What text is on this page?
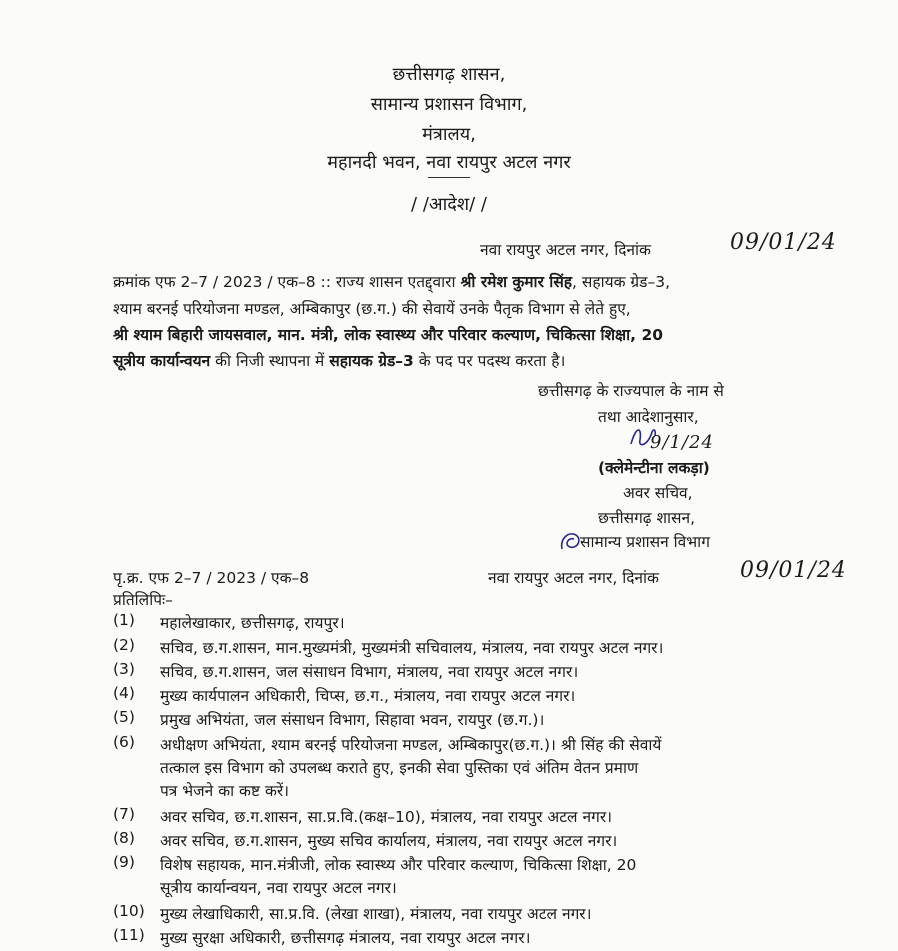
छत्तीसगढ़ शासन,
सामान्य प्रशासन विभाग,
मंत्रालय,
महानदी भवन, नवा रायपुर अटल नगर
/ /आदेश/ /
नवा रायपुर अटल नगर, दिनांक	09/01/24
क्रमांक एफ 2–7 / 2023 / एक–8 :: राज्य शासन एतद्द्वारा श्री रमेश कुमार सिंह, सहायक ग्रेड–3,
श्याम बरनई परियोजना मण्डल, अम्बिकापुर (छ.ग.) की सेवायें उनके पैतृक विभाग से लेते हुए,
श्री श्याम बिहारी जायसवाल, मान. मंत्री, लोक स्वास्थ्य और परिवार कल्याण, चिकित्सा शिक्षा, 20
सूत्रीय कार्यान्वयन की निजी स्थापना में सहायक ग्रेड–3 के पद पर पदस्थ करता है।
छत्तीसगढ़ के राज्यपाल के नाम से
तथा आदेशानुसार,
9/1/24
(क्लेमेन्टीना लकड़ा)
अवर सचिव,
छत्तीसगढ़ शासन,
सामान्य प्रशासन विभाग
पृ.क्र. एफ 2–7 / 2023 / एक–8	नवा रायपुर अटल नगर, दिनांक	09/01/24
प्रतिलिपिः–
(1) महालेखाकार, छत्तीसगढ़, रायपुर।
(2) सचिव, छ.ग.शासन, मान.मुख्यमंत्री, मुख्यमंत्री सचिवालय, मंत्रालय, नवा रायपुर अटल नगर।
(3) सचिव, छ.ग.शासन, जल संसाधन विभाग, मंत्रालय, नवा रायपुर अटल नगर।
(4) मुख्य कार्यपालन अधिकारी, चिप्स, छ.ग., मंत्रालय, नवा रायपुर अटल नगर।
(5) प्रमुख अभियंता, जल संसाधन विभाग, सिहावा भवन, रायपुर (छ.ग.)।
(6) अधीक्षण अभियंता, श्याम बरनई परियोजना मण्डल, अम्बिकापुर(छ.ग.)। श्री सिंह की सेवायें
तत्काल इस विभाग को उपलब्ध कराते हुए, इनकी सेवा पुस्तिका एवं अंतिम वेतन प्रमाण
पत्र भेजने का कष्ट करें।
(7) अवर सचिव, छ.ग.शासन, सा.प्र.वि.(कक्ष–10), मंत्रालय, नवा रायपुर अटल नगर।
(8) अवर सचिव, छ.ग.शासन, मुख्य सचिव कार्यालय, मंत्रालय, नवा रायपुर अटल नगर।
(9) विशेष सहायक, मान.मंत्रीजी, लोक स्वास्थ्य और परिवार कल्याण, चिकित्सा शिक्षा, 20
सूत्रीय कार्यान्वयन, नवा रायपुर अटल नगर।
(10) मुख्य लेखाधिकारी, सा.प्र.वि. (लेखा शाखा), मंत्रालय, नवा रायपुर अटल नगर।
(11) मुख्य सुरक्षा अधिकारी, छत्तीसगढ़ मंत्रालय, नवा रायपुर अटल नगर।
